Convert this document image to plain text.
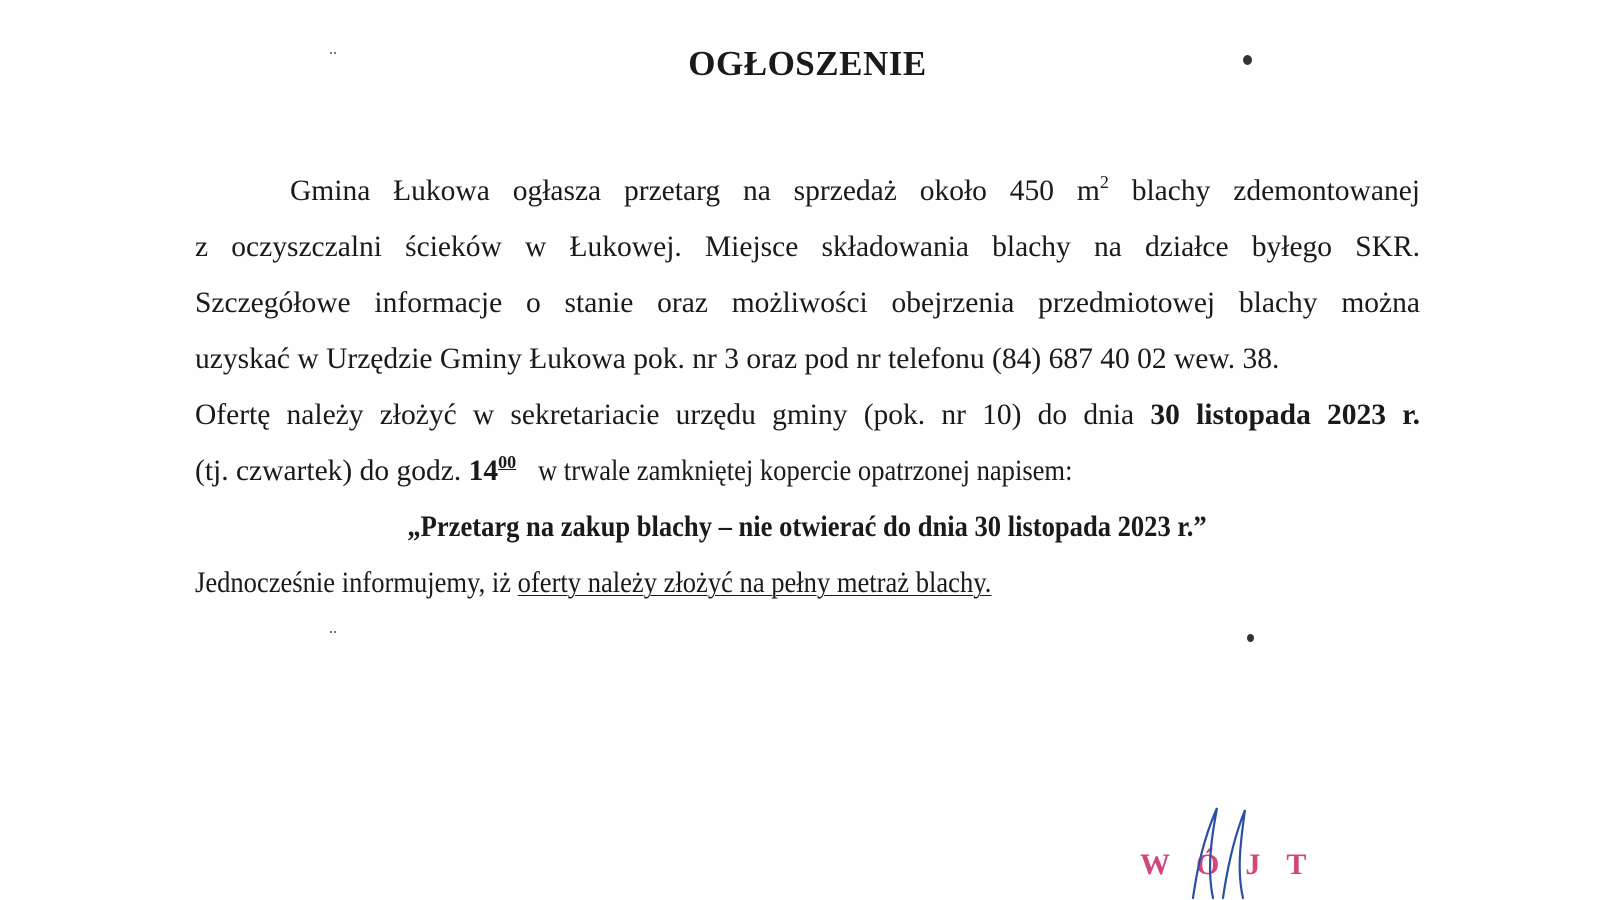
OGŁOSZENIE
Gmina Łukowa ogłasza przetarg na sprzedaż około 450 $m^2$ blachy zdemontowanej
z oczyszczalni ścieków w Łukowej. Miejsce składowania blachy na działce byłego SKR.
Szczegółowe informacje o stanie oraz możliwości obejrzenia przedmiotowej blachy można
uzyskać w Urzędzie Gminy Łukowa pok. nr 3 oraz pod nr telefonu (84) 687 40 02 wew. 38.
Ofertę należy złożyć w sekretariacie urzędu gminy (pok. nr 10) do dnia 30 listopada 2023 r.
(tj. czwartek) do godz. $14^{00}$ w trwale zamkniętej kopercie opatrzonej napisem:
„Przetarg na zakup blachy – nie otwierać do dnia 30 listopada 2023 r.”
Jednocześnie informujemy, iż oferty należy złożyć na pełny metraż blachy.
WÓJT
